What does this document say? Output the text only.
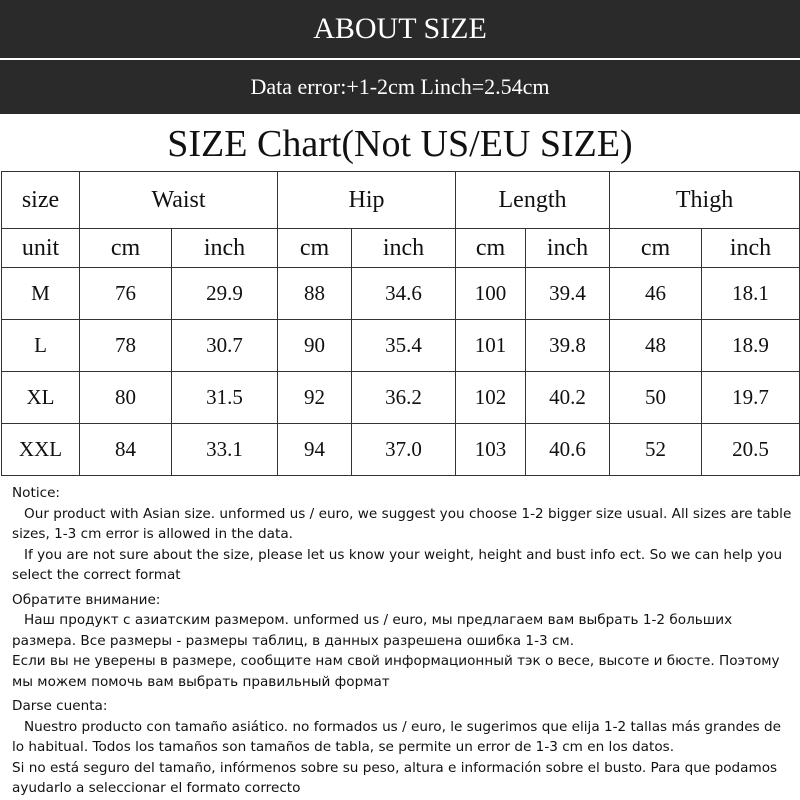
ABOUT SIZE
Data error:+1-2cm Linch=2.54cm
SIZE Chart(Not US/EU SIZE)
size	Waist		Hip		Length		Thigh	
unit	cm	inch	cm	inch	cm	inch	cm	inch
M	76	29.9	88	34.6	100	39.4	46	18.1
L	78	30.7	90	35.4	101	39.8	48	18.9
XL	80	31.5	92	36.2	102	40.2	50	19.7
XXL	84	33.1	94	37.0	103	40.6	52	20.5

Notice:

Our product with Asian size. unformed us / euro, we suggest you choose 1-2 bigger size usual. All sizes are table sizes, 1-3 cm error is allowed in the data.

If you are not sure about the size, please let us know your weight, height and bust info ect. So we can help you select the correct format

Обратите внимание:

Наш продукт с азиатским размером. unformed us / euro, мы предлагаем вам выбрать 1-2 больших размера. Все размеры - размеры таблиц, в данных разрешена ошибка 1-3 см.

Если вы не уверены в размере, сообщите нам свой информационный тэк о весе, высоте и бюсте. Поэтому мы можем помочь вам выбрать правильный формат

Darse cuenta:

Nuestro producto con tamaño asiático. no formados us / euro, le sugerimos que elija 1-2 tallas más grandes de lo habitual. Todos los tamaños son tamaños de tabla, se permite un error de 1-3 cm en los datos.

Si no está seguro del tamaño, infórmenos sobre su peso, altura e información sobre el busto. Para que podamos ayudarlo a seleccionar el formato correcto
